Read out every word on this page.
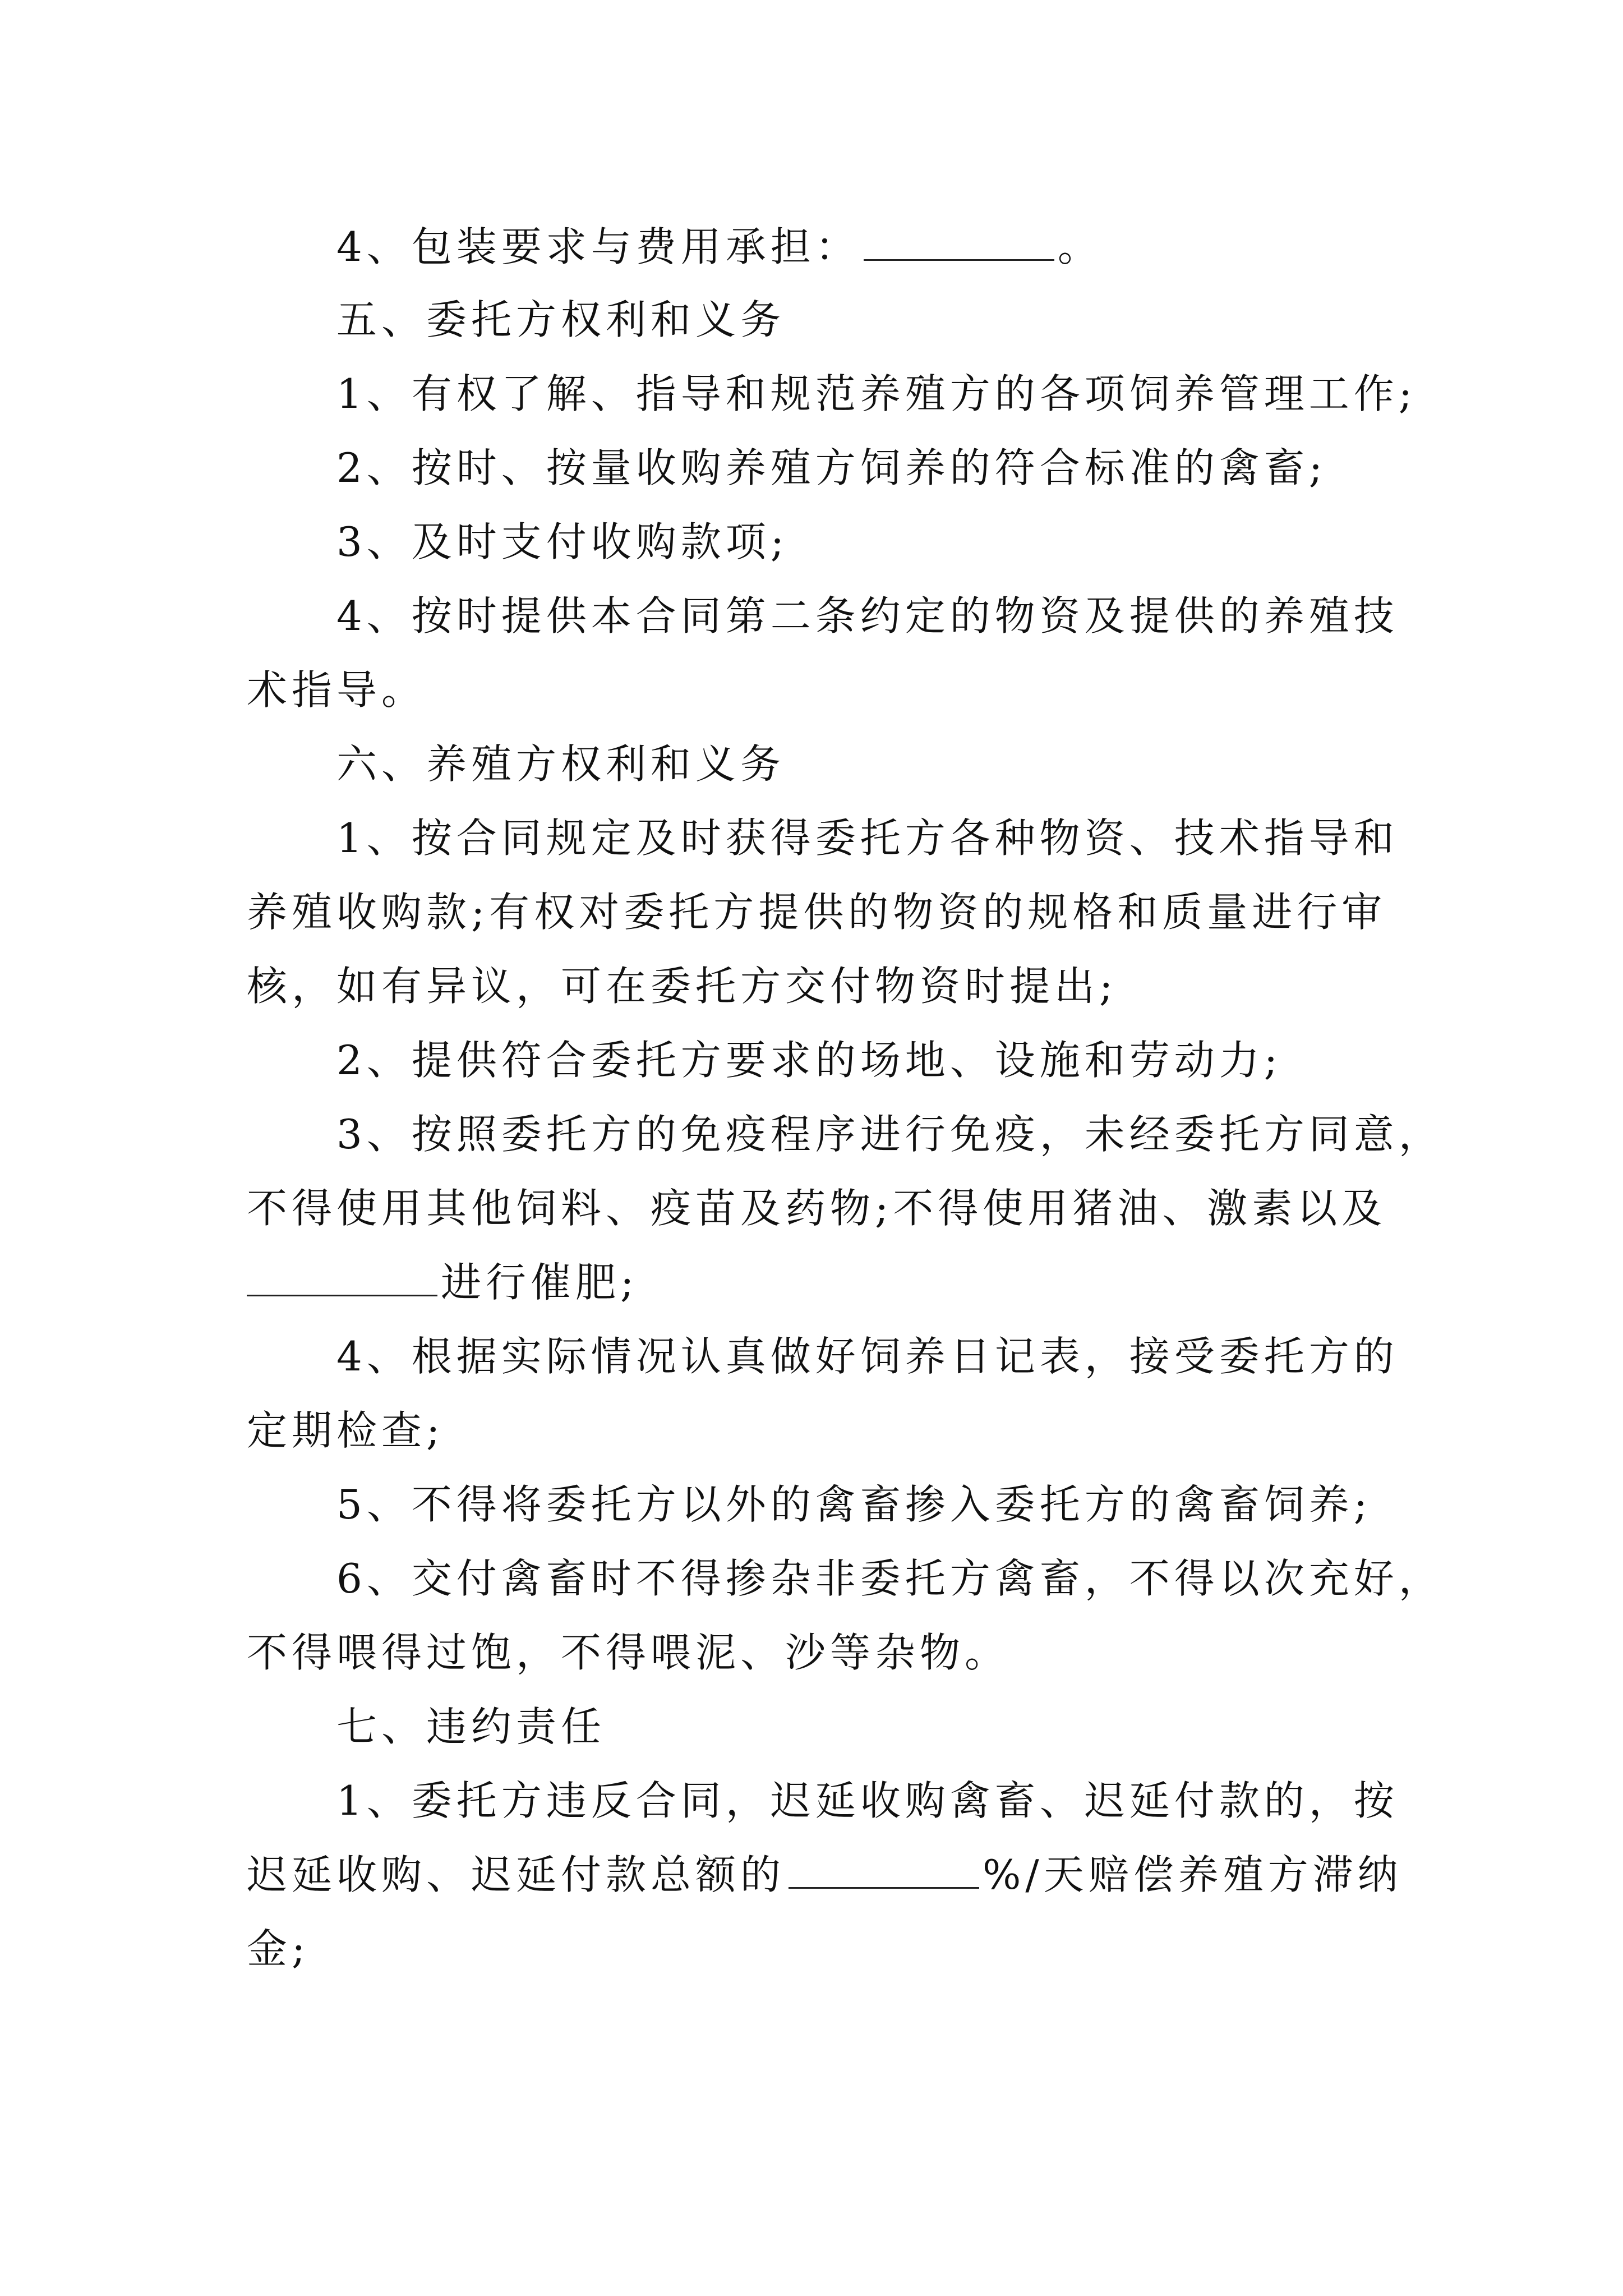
4、包装要求与费用承担：	。
五、委托方权利和义务
1、有权了解、指导和规范养殖方的各项饲养管理工作;
2、按时、按量收购养殖方饲养的符合标准的禽畜;
3、及时支付收购款项;
4、按时提供本合同第二条约定的物资及提供的养殖技
术指导。
六、养殖方权利和义务
1、按合同规定及时获得委托方各种物资、技术指导和
养殖收购款;有权对委托方提供的物资的规格和质量进行审
核，如有异议，可在委托方交付物资时提出;
2、提供符合委托方要求的场地、设施和劳动力;
3、按照委托方的免疫程序进行免疫，未经委托方同意，
不得使用其他饲料、疫苗及药物;不得使用猪油、激素以及
进行催肥;
4、根据实际情况认真做好饲养日记表，接受委托方的
定期检查;
5、不得将委托方以外的禽畜掺入委托方的禽畜饲养;
6、交付禽畜时不得掺杂非委托方禽畜，不得以次充好，
不得喂得过饱，不得喂泥、沙等杂物。
七、违约责任
1、委托方违反合同，迟延收购禽畜、迟延付款的，按
迟延收购、迟延付款总额的	%/天赔偿养殖方滞纳
金;
